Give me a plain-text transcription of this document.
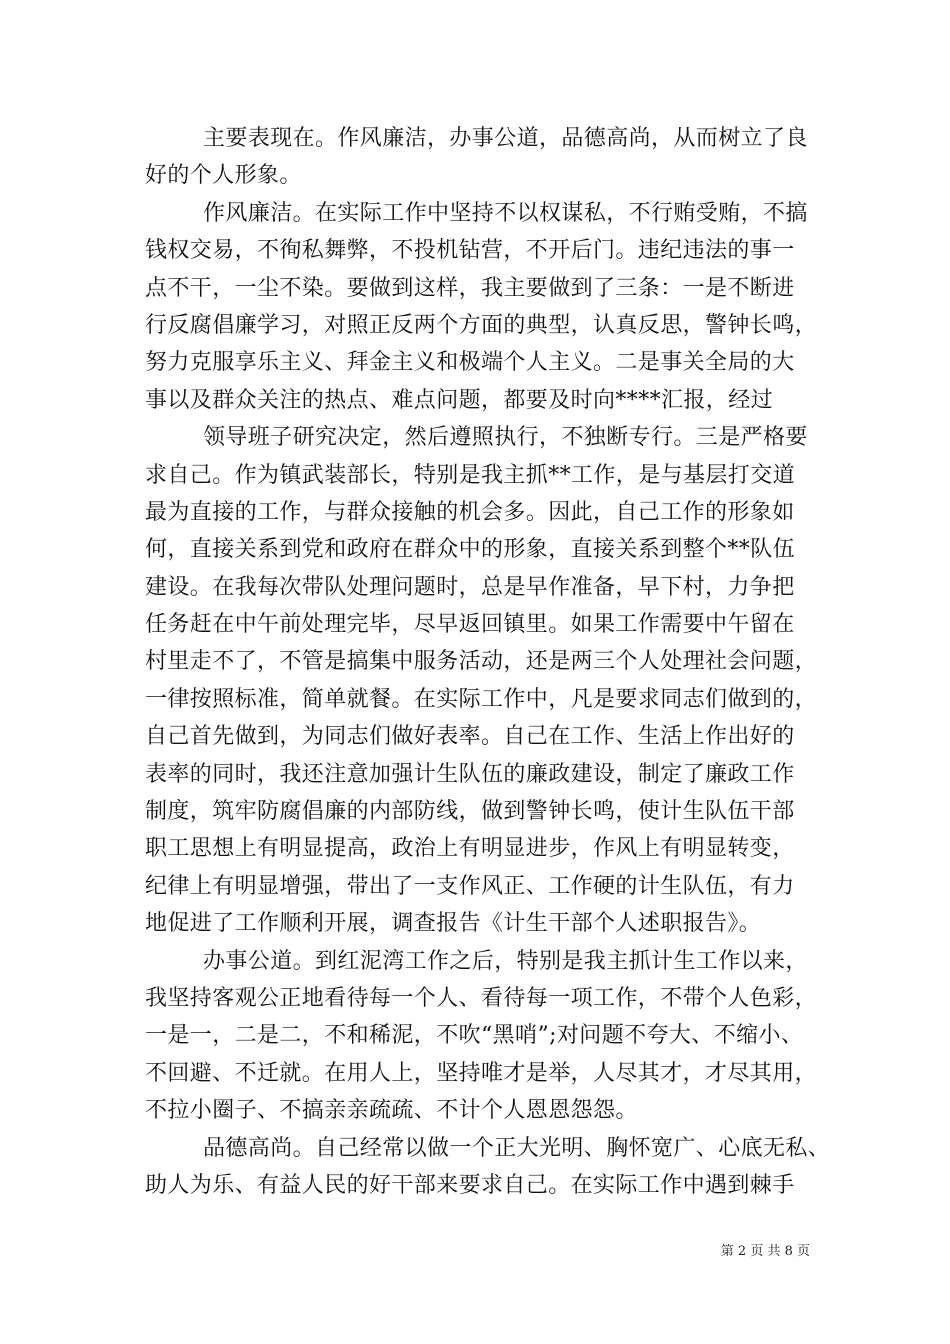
主要表现在。作风廉洁，办事公道，品德高尚，从而树立了良
好的个人形象。
作风廉洁。在实际工作中坚持不以权谋私，不行贿受贿，不搞
钱权交易，不徇私舞弊，不投机钻营，不开后门。违纪违法的事一
点不干，一尘不染。要做到这样，我主要做到了三条：一是不断进
行反腐倡廉学习，对照正反两个方面的典型，认真反思，警钟长鸣，
努力克服享乐主义、拜金主义和极端个人主义。二是事关全局的大
事以及群众关注的热点、难点问题，都要及时向****汇报，经过
领导班子研究决定，然后遵照执行，不独断专行。三是严格要
求自己。作为镇武装部长，特别是我主抓**工作，是与基层打交道
最为直接的工作，与群众接触的机会多。因此，自己工作的形象如
何，直接关系到党和政府在群众中的形象，直接关系到整个**队伍
建设。在我每次带队处理问题时，总是早作准备，早下村，力争把
任务赶在中午前处理完毕，尽早返回镇里。如果工作需要中午留在
村里走不了，不管是搞集中服务活动，还是两三个人处理社会问题，
一律按照标准，简单就餐。在实际工作中，凡是要求同志们做到的，
自己首先做到，为同志们做好表率。自己在工作、生活上作出好的
表率的同时，我还注意加强计生队伍的廉政建设，制定了廉政工作
制度，筑牢防腐倡廉的内部防线，做到警钟长鸣，使计生队伍干部
职工思想上有明显提高，政治上有明显进步，作风上有明显转变，
纪律上有明显增强，带出了一支作风正、工作硬的计生队伍，有力
地促进了工作顺利开展，调查报告《计生干部个人述职报告》。
办事公道。到红泥湾工作之后，特别是我主抓计生工作以来，
我坚持客观公正地看待每一个人、看待每一项工作，不带个人色彩，
一是一，二是二，不和稀泥，不吹“黑哨”;对问题不夸大、不缩小、
不回避、不迁就。在用人上，坚持唯才是举，人尽其才，才尽其用，
不拉小圈子、不搞亲亲疏疏、不计个人恩恩怨怨。
品德高尚。自己经常以做一个正大光明、胸怀宽广、心底无私、
助人为乐、有益人民的好干部来要求自己。在实际工作中遇到棘手
第 2 页 共 8 页
